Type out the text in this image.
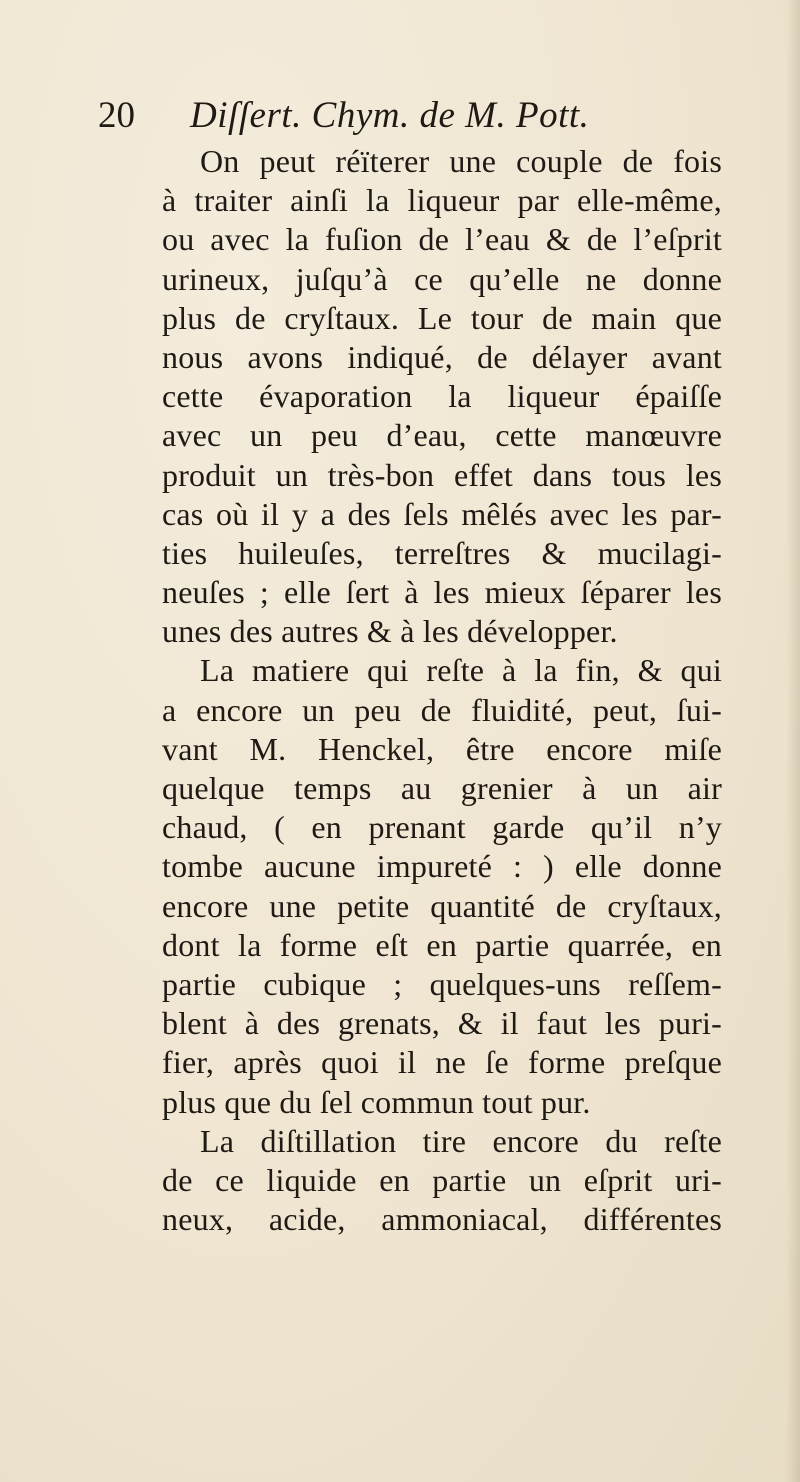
20	Diſſert. Chym. de M. Pott.
On peut réïterer une couple de fois
à traiter ainſi la liqueur par elle-même,
ou avec la fuſion de l’eau & de l’eſprit
urineux, juſqu’à ce qu’elle ne donne
plus de cryſtaux. Le tour de main que
nous avons indiqué, de délayer avant
cette évaporation la liqueur épaiſſe
avec un peu d’eau, cette manœuvre
produit un très-bon effet dans tous les
cas où il y a des ſels mêlés avec les par-
ties huileuſes, terreſtres & mucilagi-
neuſes ; elle ſert à les mieux ſéparer les
unes des autres & à les développer.
La matiere qui reſte à la fin, & qui
a encore un peu de fluidité, peut, ſui-
vant M. Henckel, être encore miſe
quelque temps au grenier à un air
chaud, ( en prenant garde qu’il n’y
tombe aucune impureté : ) elle donne
encore une petite quantité de cryſtaux,
dont la forme eſt en partie quarrée, en
partie cubique ; quelques-uns reſſem-
blent à des grenats, & il faut les puri-
fier, après quoi il ne ſe forme preſque
plus que du ſel commun tout pur.
La diſtillation tire encore du reſte
de ce liquide en partie un eſprit uri-
neux, acide, ammoniacal, différentes
